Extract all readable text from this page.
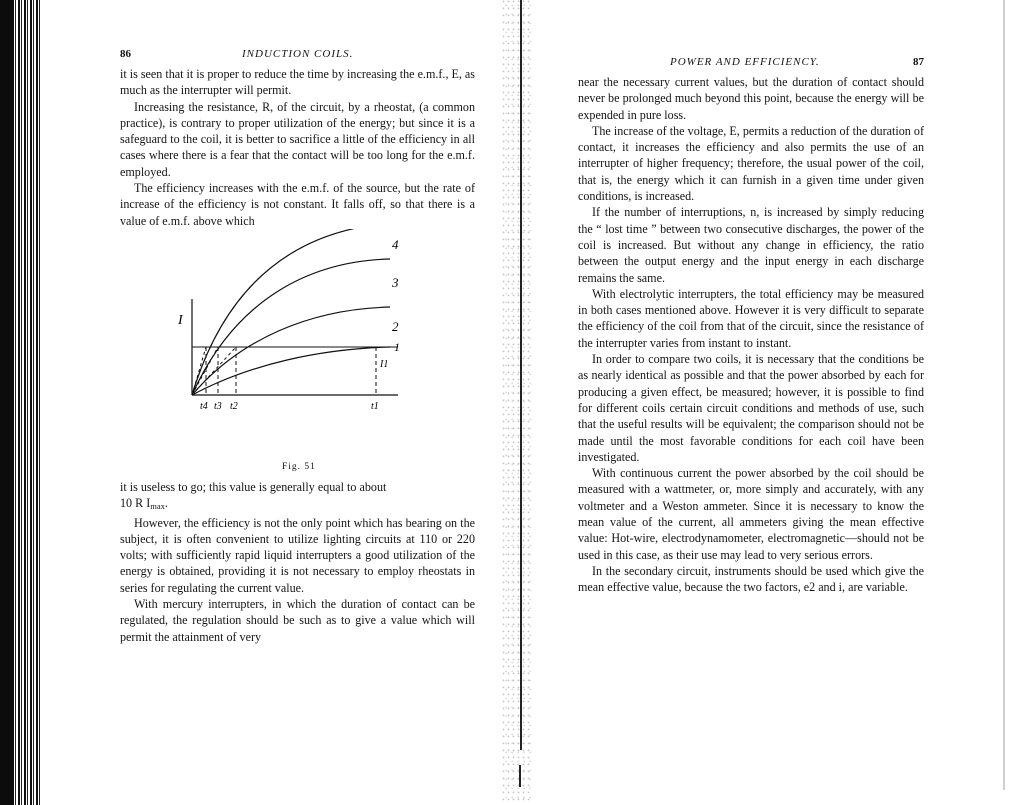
86	INDUCTION COILS.

it is seen that it is proper to reduce the time by increasing the e.m.f., E, as much as the interrupter will permit.

Increasing the resistance, R, of the circuit, by a rheostat, (a common practice), is contrary to proper utilization of the energy; but since it is a safeguard to the coil, it is better to sacrifice a little of the efficiency in all cases where there is a fear that the contact will be too long for the e.m.f. employed.

The efficiency increases with the e.m.f. of the source, but the rate of increase of the efficiency is not constant. It falls off, so that there is a value of e.m.f. above which

I
4
3
2
1
I1
t4 t3 t2	t1
Fig. 51

it is useless to go; this value is generally equal to about

10 R $I_{max}$.

However, the efficiency is not the only point which has bearing on the subject, it is often convenient to utilize lighting circuits at 110 or 220 volts; with sufficiently rapid liquid interrupters a good utilization of the energy is obtained, providing it is not necessary to employ rheostats in series for regulating the current value.

With mercury interrupters, in which the duration of contact can be regulated, the regulation should be such as to give a value which will permit the attainment of very

POWER AND EFFICIENCY.	87

near the necessary current values, but the duration of contact should never be prolonged much beyond this point, because the energy will be expended in pure loss.

The increase of the voltage, E, permits a reduction of the duration of contact, it increases the efficiency and also permits the use of an interrupter of higher frequency; therefore, the usual power of the coil, that is, the energy which it can furnish in a given time under given conditions, is increased.

If the number of interruptions, n, is increased by simply reducing the “ lost time ” between two consecutive discharges, the power of the coil is increased. But without any change in efficiency, the ratio between the output energy and the input energy in each discharge remains the same.

With electrolytic interrupters, the total efficiency may be measured in both cases mentioned above. However it is very difficult to separate the efficiency of the coil from that of the circuit, since the resistance of the interrupter varies from instant to instant.

In order to compare two coils, it is necessary that the conditions be as nearly identical as possible and that the power absorbed by each for producing a given effect, be measured; however, it is possible to find for different coils certain circuit conditions and methods of use, such that the useful results will be equivalent; the comparison should not be made until the most favorable conditions for each coil have been investigated.

With continuous current the power absorbed by the coil should be measured with a wattmeter, or, more simply and accurately, with any voltmeter and a Weston ammeter. Since it is necessary to know the mean value of the current, all ammeters giving the mean effective value: Hot-wire, electrodynamometer, electromagnetic—should not be used in this case, as their use may lead to very serious errors.

In the secondary circuit, instruments should be used which give the mean effective value, because the two factors, e2 and i, are variable.
